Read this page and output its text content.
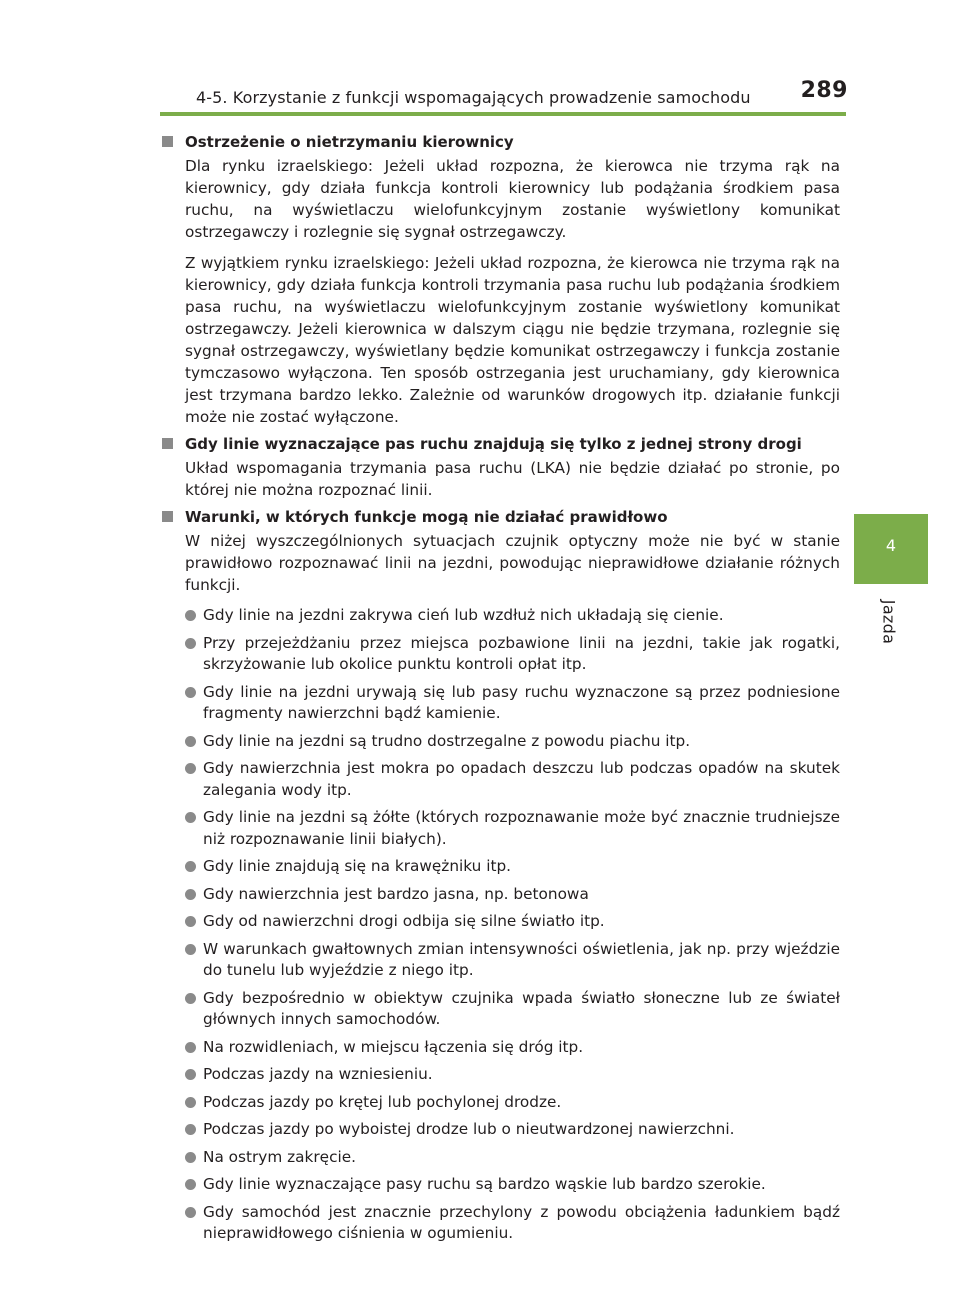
4-5. Korzystanie z funkcji wspomagających prowadzenie samochodu 289
4
Jazda
Ostrzeżenie o nietrzymaniu kierownicy
Dla rynku izraelskiego: Jeżeli układ rozpozna, że kierowca nie trzyma rąk na kierownicy, gdy działa funkcja kontroli kierownicy lub podążania środkiem pasa ruchu, na wyświetlaczu wielofunkcyjnym zostanie wyświetlony komunikat ostrzegawczy i rozlegnie się sygnał ostrzegawczy.
Z wyjątkiem rynku izraelskiego: Jeżeli układ rozpozna, że kierowca nie trzyma rąk na kierownicy, gdy działa funkcja kontroli trzymania pasa ruchu lub podążania środkiem pasa ruchu, na wyświetlaczu wielofunkcyjnym zostanie wyświetlony komunikat ostrzegawczy. Jeżeli kierownica w dalszym ciągu nie będzie trzymana, rozlegnie się sygnał ostrzegawczy, wyświetlany będzie komunikat ostrzegawczy i funkcja zostanie tymczasowo wyłączona. Ten sposób ostrzegania jest uruchamiany, gdy kierownica jest trzymana bardzo lekko. Zależnie od warunków drogowych itp. działanie funkcji może nie zostać wyłączone.
Gdy linie wyznaczające pas ruchu znajdują się tylko z jednej strony drogi
Układ wspomagania trzymania pasa ruchu (LKA) nie będzie działać po stronie, po której nie można rozpoznać linii.
Warunki, w których funkcje mogą nie działać prawidłowo
W niżej wyszczególnionych sytuacjach czujnik optyczny może nie być w stanie prawidłowo rozpoznawać linii na jezdni, powodując nieprawidłowe działanie różnych funkcji.
Gdy linie na jezdni zakrywa cień lub wzdłuż nich układają się cienie.
Przy przejeżdżaniu przez miejsca pozbawione linii na jezdni, takie jak rogatki, skrzyżowanie lub okolice punktu kontroli opłat itp.
Gdy linie na jezdni urywają się lub pasy ruchu wyznaczone są przez podniesione fragmenty nawierzchni bądź kamienie.
Gdy linie na jezdni są trudno dostrzegalne z powodu piachu itp.
Gdy nawierzchnia jest mokra po opadach deszczu lub podczas opadów na skutek zalegania wody itp.
Gdy linie na jezdni są żółte (których rozpoznawanie może być znacznie trudniejsze niż rozpoznawanie linii białych).
Gdy linie znajdują się na krawężniku itp.
Gdy nawierzchnia jest bardzo jasna, np. betonowa
Gdy od nawierzchni drogi odbija się silne światło itp.
W warunkach gwałtownych zmian intensywności oświetlenia, jak np. przy wjeździe do tunelu lub wyjeździe z niego itp.
Gdy bezpośrednio w obiektyw czujnika wpada światło słoneczne lub ze świateł głównych innych samochodów.
Na rozwidleniach, w miejscu łączenia się dróg itp.
Podczas jazdy na wzniesieniu.
Podczas jazdy po krętej lub pochylonej drodze.
Podczas jazdy po wyboistej drodze lub o nieutwardzonej nawierzchni.
Na ostrym zakręcie.
Gdy linie wyznaczające pasy ruchu są bardzo wąskie lub bardzo szerokie.
Gdy samochód jest znacznie przechylony z powodu obciążenia ładunkiem bądź nieprawidłowego ciśnienia w ogumieniu.
